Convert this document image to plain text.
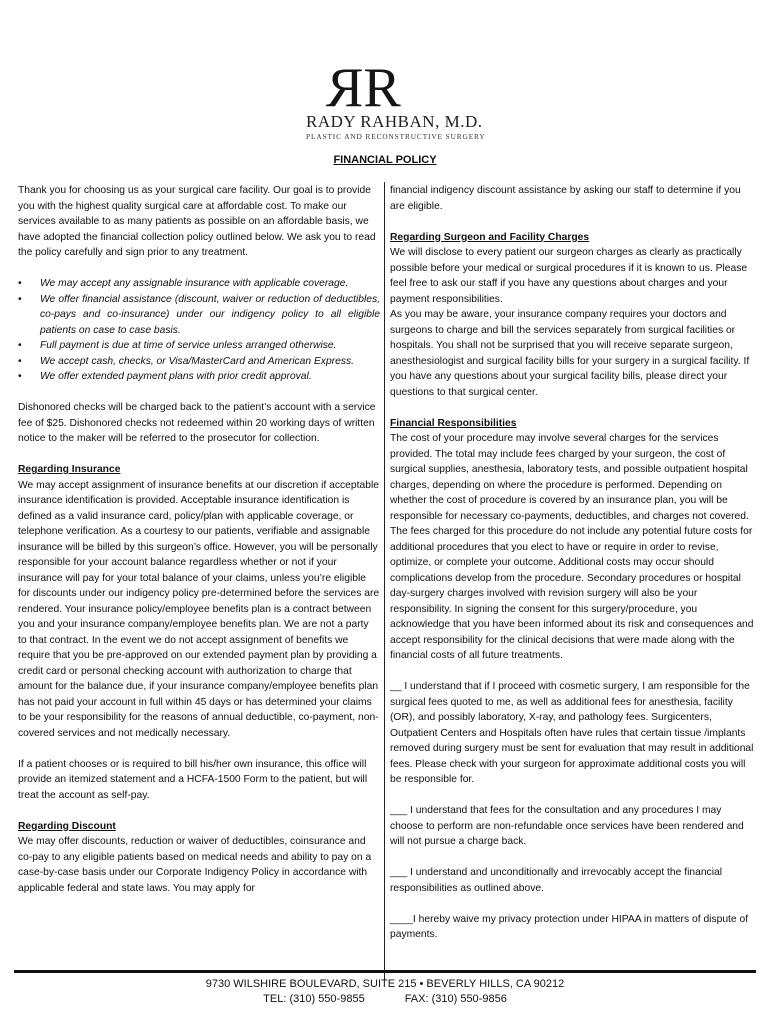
RR
RADY RAHBAN, M.D.
PLASTIC AND RECONSTRUCTIVE SURGERY
FINANCIAL POLICY

Thank you for choosing us as your surgical care facility. Our goal is to provide you with the highest quality surgical care at affordable cost. To make our services available to as many patients as possible on an affordable basis, we have adopted the financial collection policy outlined below. We ask you to read the policy carefully and sign prior to any treatment.

• We may accept any assignable insurance with applicable coverage.
• We offer financial assistance (discount, waiver or reduction of deductibles, co-pays and co-insurance) under our indigency policy to all eligible patients on case to case basis.
• Full payment is due at time of service unless arranged otherwise.
• We accept cash, checks, or Visa/MasterCard and American Express.
• We offer extended payment plans with prior credit approval.

Dishonored checks will be charged back to the patient’s account with a service fee of $25. Dishonored checks not redeemed within 20 working days of written notice to the maker will be referred to the prosecutor for collection.

Regarding Insurance

We may accept assignment of insurance benefits at our discretion if acceptable insurance identification is provided. Acceptable insurance identification is defined as a valid insurance card, policy/plan with applicable coverage, or telephone verification. As a courtesy to our patients, verifiable and assignable insurance will be billed by this surgeon’s office. However, you will be personally responsible for your account balance regardless whether or not if your insurance will pay for your total balance of your claims, unless you’re eligible for discounts under our indigency policy pre-determined before the services are rendered. Your insurance policy/employee benefits plan is a contract between you and your insurance company/employee benefits plan. We are not a party to that contract. In the event we do not accept assignment of benefits we require that you be pre-approved on our extended payment plan by providing a credit card or personal checking account with authorization to charge that amount for the balance due, if your insurance company/employee benefits plan has not paid your account in full within 45 days or has determined your claims to be your responsibility for the reasons of annual deductible, co-payment, non-covered services and not medically necessary.

If a patient chooses or is required to bill his/her own insurance, this office will provide an itemized statement and a HCFA-1500 Form to the patient, but will treat the account as self-pay.

Regarding Discount

We may offer discounts, reduction or waiver of deductibles, coinsurance and co-pay to any eligible patients based on medical needs and ability to pay on a case-by-case basis under our Corporate Indigency Policy in accordance with applicable federal and state laws. You may apply for

financial indigency discount assistance by asking our staff to determine if you are eligible.

Regarding Surgeon and Facility Charges

We will disclose to every patient our surgeon charges as clearly as practically possible before your medical or surgical procedures if it is known to us. Please feel free to ask our staff if you have any questions about charges and your payment responsibilities.

As you may be aware, your insurance company requires your doctors and surgeons to charge and bill the services separately from surgical facilities or hospitals. You shall not be surprised that you will receive separate surgeon, anesthesiologist and surgical facility bills for your surgery in a surgical facility. If you have any questions about your surgical facility bills, please direct your questions to that surgical center.

Financial Responsibilities

The cost of your procedure may involve several charges for the services provided. The total may include fees charged by your surgeon, the cost of surgical supplies, anesthesia, laboratory tests, and possible outpatient hospital charges, depending on where the procedure is performed. Depending on whether the cost of procedure is covered by an insurance plan, you will be responsible for necessary co-payments, deductibles, and charges not covered. The fees charged for this procedure do not include any potential future costs for additional procedures that you elect to have or require in order to revise, optimize, or complete your outcome. Additional costs may occur should complications develop from the procedure. Secondary procedures or hospital day-surgery charges involved with revision surgery will also be your responsibility. In signing the consent for this surgery/procedure, you acknowledge that you have been informed about its risk and consequences and accept responsibility for the clinical decisions that were made along with the financial costs of all future treatments.

__ I understand that if I proceed with cosmetic surgery, I am responsible for the surgical fees quoted to me, as well as additional fees for anesthesia, facility (OR), and possibly laboratory, X-ray, and pathology fees. Surgicenters, Outpatient Centers and Hospitals often have rules that certain tissue /implants removed during surgery must be sent for evaluation that may result in additional fees. Please check with your surgeon for approximate additional costs you will be responsible for.

___ I understand that fees for the consultation and any procedures I may choose to perform are non-refundable once services have been rendered and will not pursue a charge back.

___ I understand and unconditionally and irrevocably accept the financial responsibilities as outlined above.

____I hereby waive my privacy protection under HIPAA in matters of dispute of payments.

9730 WILSHIRE BOULEVARD, SUITE 215 • BEVERLY HILLS, CA 90212
TEL: (310) 550-9855	FAX: (310) 550-9856
